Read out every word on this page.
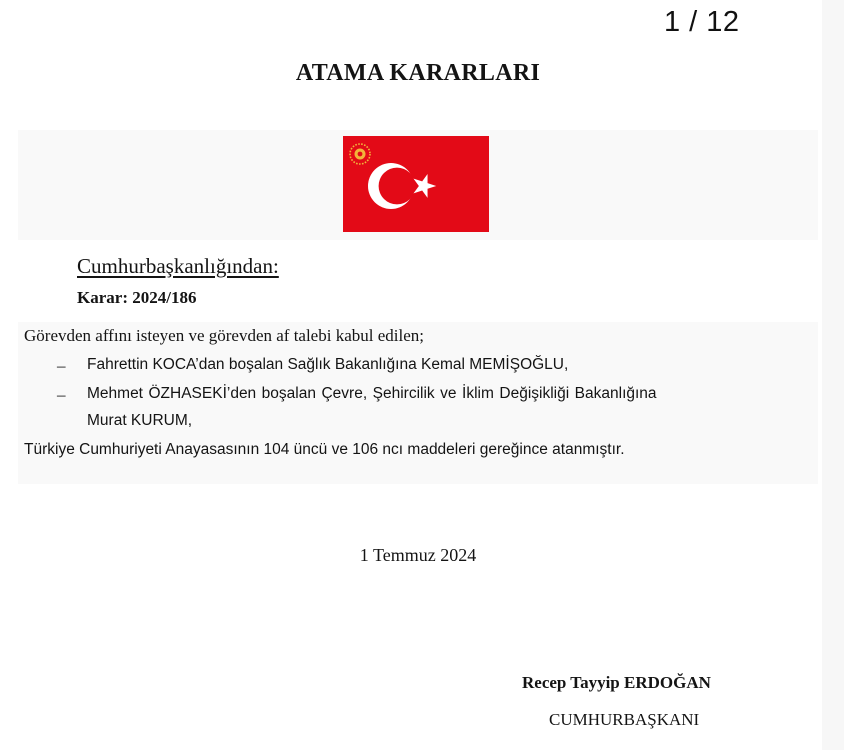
1 / 12
ATAMA KARARLARI
Cumhurbaşkanlığından:
Karar: 2024/186
Görevden affını isteyen ve görevden af talebi kabul edilen;
– Fahrettin KOCA’dan boşalan Sağlık Bakanlığına Kemal MEMİŞOĞLU,
– Mehmet ÖZHASEKİ’den boşalan Çevre, Şehircilik ve İklim Değişikliği Bakanlığına
Murat KURUM,
Türkiye Cumhuriyeti Anayasasının 104 üncü ve 106 ncı maddeleri gereğince atanmıştır.
1 Temmuz 2024
Recep Tayyip ERDOĞAN
CUMHURBAŞKANI
